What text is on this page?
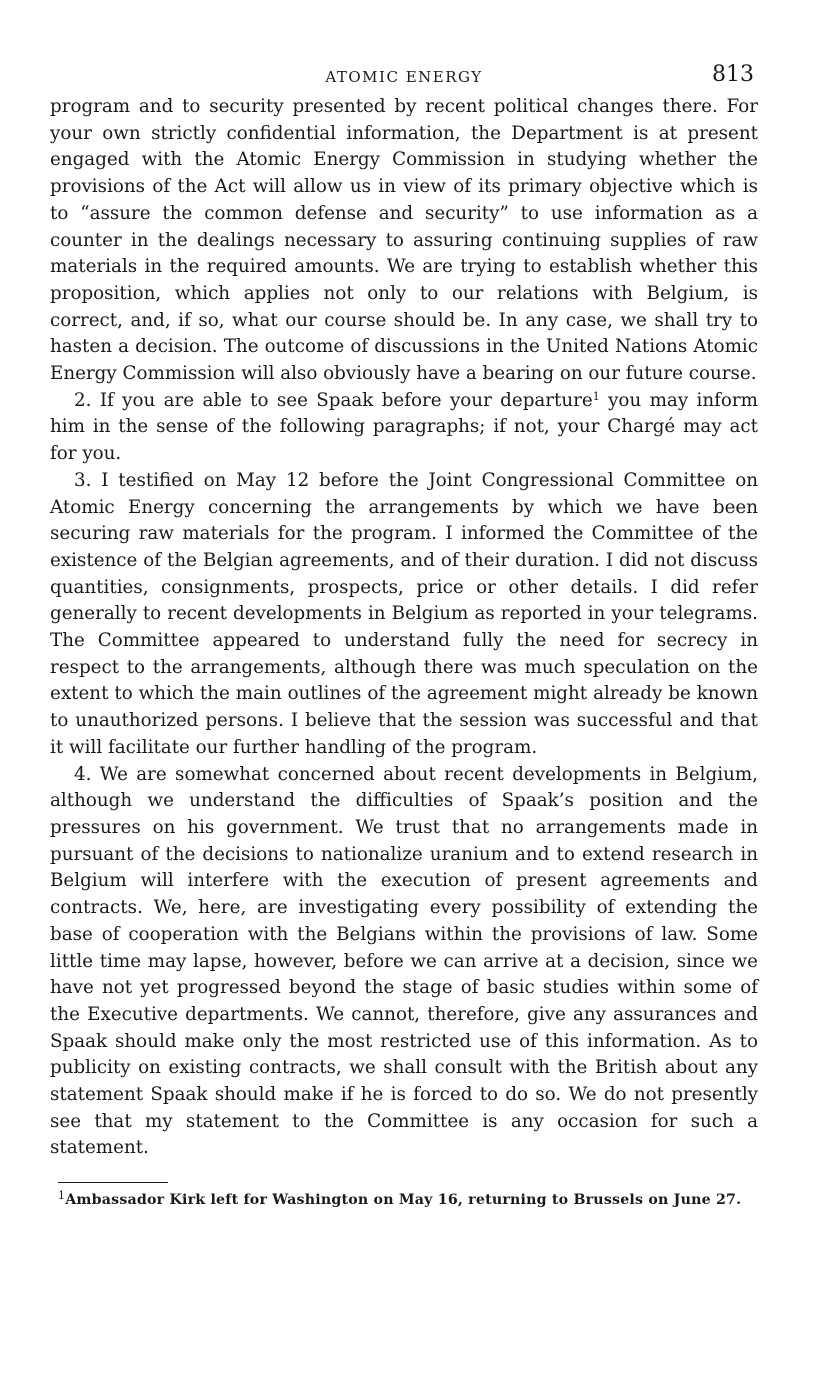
ATOMIC ENERGY	813

program and to security presented by recent political changes there. For your own strictly confidential information, the Department is at present engaged with the Atomic Energy Commission in studying whether the provisions of the Act will allow us in view of its primary objective which is to “assure the common defense and security” to use information as a counter in the dealings necessary to assuring continuing supplies of raw materials in the required amounts. We are trying to establish whether this proposition, which applies not only to our relations with Belgium, is correct, and, if so, what our course should be. In any case, we shall try to hasten a decision. The outcome of discussions in the United Nations Atomic Energy Commission will also obviously have a bearing on our future course.

2. If you are able to see Spaak before your departure$^1$ you may inform him in the sense of the following paragraphs; if not, your Chargé may act for you.

3. I testified on May 12 before the Joint Congressional Committee on Atomic Energy concerning the arrangements by which we have been securing raw materials for the program. I informed the Committee of the existence of the Belgian agreements, and of their duration. I did not discuss quantities, consignments, prospects, price or other details. I did refer generally to recent developments in Belgium as reported in your telegrams. The Committee appeared to understand fully the need for secrecy in respect to the arrangements, although there was much speculation on the extent to which the main outlines of the agreement might already be known to unauthorized persons. I believe that the session was successful and that it will facilitate our further handling of the program.

4. We are somewhat concerned about recent developments in Belgium, although we understand the difficulties of Spaak’s position and the pressures on his government. We trust that no arrangements made in pursuant of the decisions to nationalize uranium and to extend research in Belgium will interfere with the execution of present agreements and contracts. We, here, are investigating every possibility of extending the base of cooperation with the Belgians within the provisions of law. Some little time may lapse, however, before we can arrive at a decision, since we have not yet progressed beyond the stage of basic studies within some of the Executive departments. We cannot, therefore, give any assurances and Spaak should make only the most restricted use of this information. As to publicity on existing contracts, we shall consult with the British about any statement Spaak should make if he is forced to do so. We do not presently see that my statement to the Committee is any occasion for such a statement.

$^1$Ambassador Kirk left for Washington on May 16, returning to Brussels on June 27.
